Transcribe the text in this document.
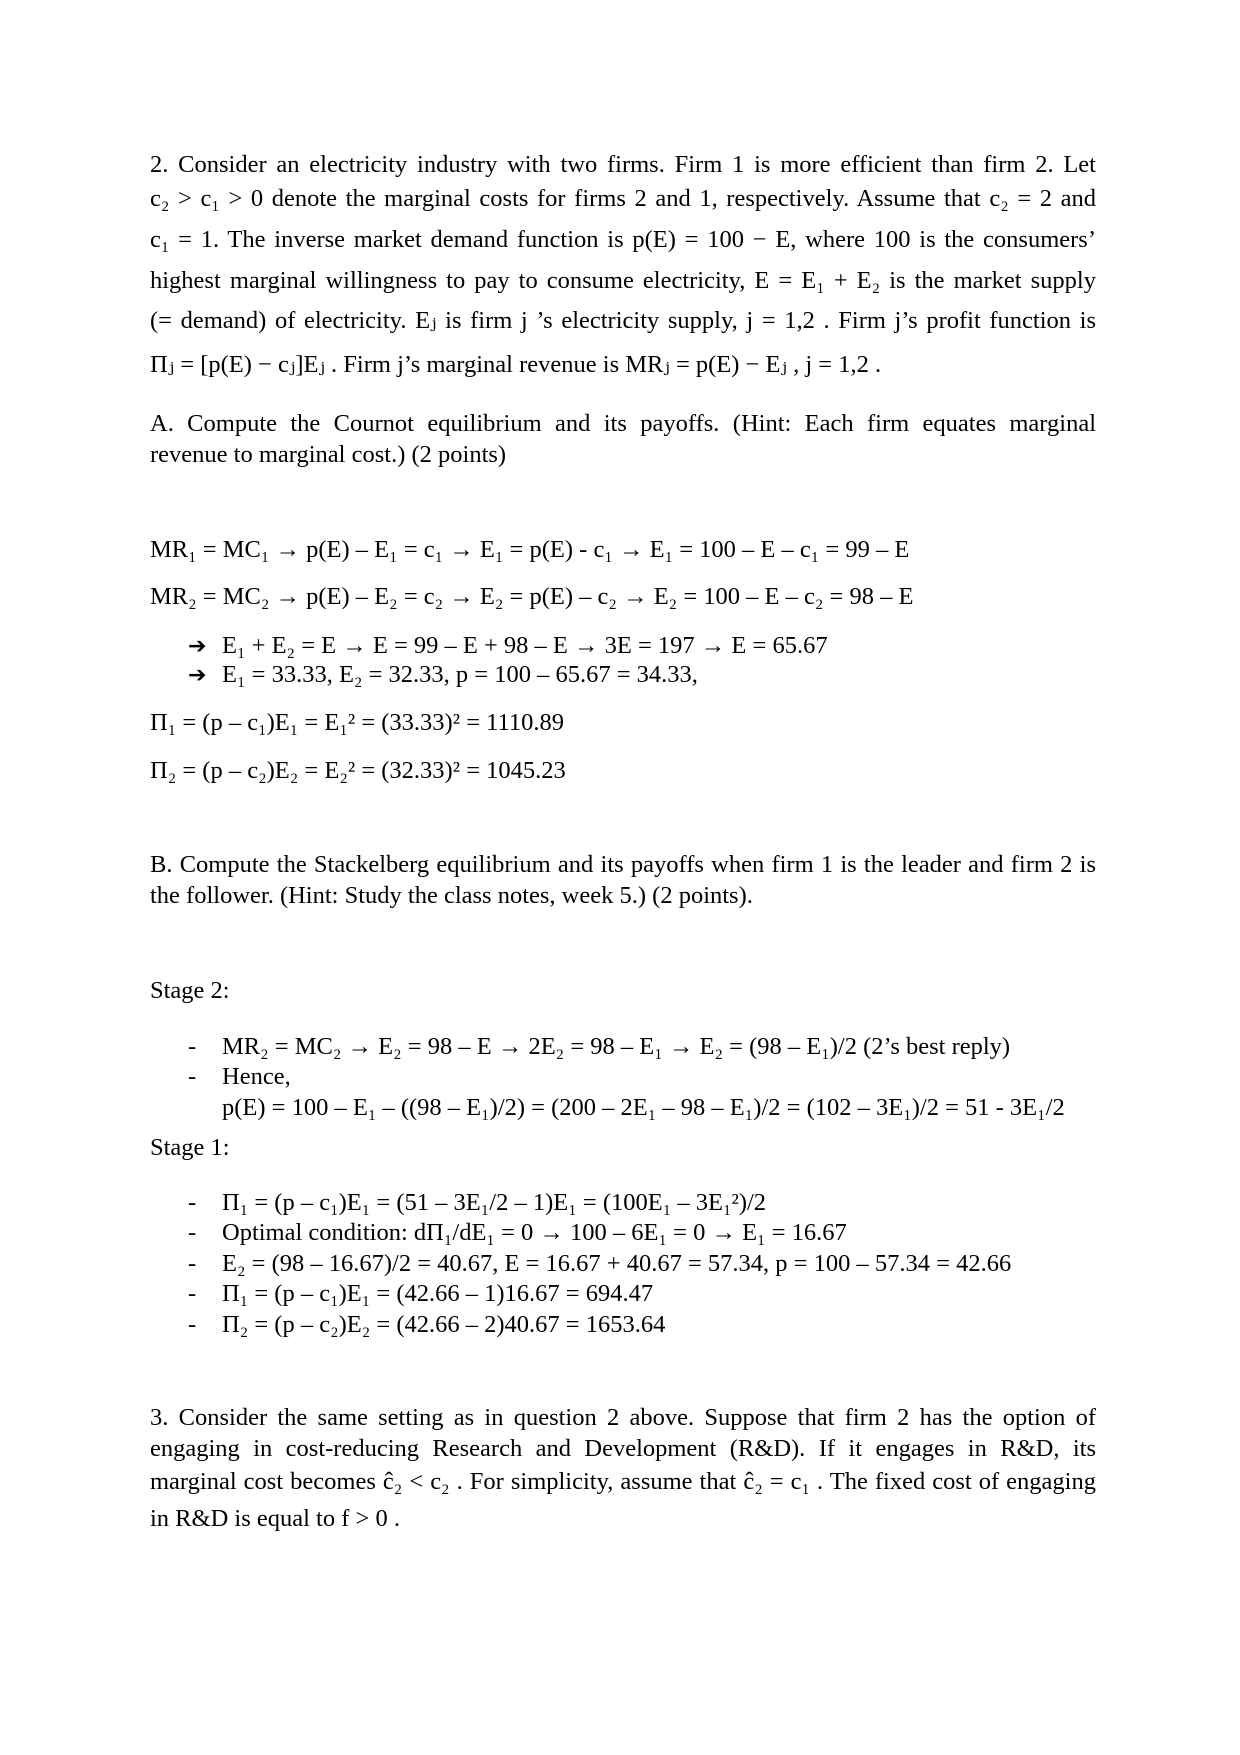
2. Consider an electricity industry with two firms. Firm 1 is more efficient than firm 2. Let
c₂ > c₁ > 0 denote the marginal costs for firms 2 and 1, respectively. Assume that c₂ = 2 and
c₁ = 1. The inverse market demand function is p(E) = 100 − E, where 100 is the consumers’
highest marginal willingness to pay to consume electricity, E = E₁ + E₂ is the market supply
(= demand) of electricity. Eⱼ is firm j ’s electricity supply, j = 1,2 . Firm j’s profit function is
Πⱼ = [p(E) − cⱼ]Eⱼ . Firm j’s marginal revenue is MRⱼ = p(E) − Eⱼ , j = 1,2 .
A. Compute the Cournot equilibrium and its payoffs. (Hint: Each firm equates marginal
revenue to marginal cost.) (2 points)
MR₁ = MC₁ → p(E) – E₁ = c₁ → E₁ = p(E) - c₁ → E₁ = 100 – E – c₁ = 99 – E
MR₂ = MC₂ → p(E) – E₂ = c₂ → E₂ = p(E) – c₂ → E₂ = 100 – E – c₂ = 98 – E
➔ E₁ + E₂ = E → E = 99 – E + 98 – E → 3E = 197 → E = 65.67
➔ E₁ = 33.33, E₂ = 32.33, p = 100 – 65.67 = 34.33,
Π₁ = (p – c₁)E₁ = E₁² = (33.33)² = 1110.89
Π₂ = (p – c₂)E₂ = E₂² = (32.33)² = 1045.23
B. Compute the Stackelberg equilibrium and its payoffs when firm 1 is the leader and firm 2 is
the follower. (Hint: Study the class notes, week 5.) (2 points).
Stage 2:
- MR₂ = MC₂ → E₂ = 98 – E → 2E₂ = 98 – E₁ → E₂ = (98 – E₁)/2 (2’s best reply)
- Hence,
p(E) = 100 – E₁ – ((98 – E₁)/2) = (200 – 2E₁ – 98 – E₁)/2 = (102 – 3E₁)/2 = 51 - 3E₁/2
Stage 1:
- Π₁ = (p – c₁)E₁ = (51 – 3E₁/2 – 1)E₁ = (100E₁ – 3E₁²)/2
- Optimal condition: dΠ₁/dE₁ = 0 → 100 – 6E₁ = 0 → E₁ = 16.67
- E₂ = (98 – 16.67)/2 = 40.67, E = 16.67 + 40.67 = 57.34, p = 100 – 57.34 = 42.66
- Π₁ = (p – c₁)E₁ = (42.66 – 1)16.67 = 694.47
- Π₂ = (p – c₂)E₂ = (42.66 – 2)40.67 = 1653.64
3. Consider the same setting as in question 2 above. Suppose that firm 2 has the option of
engaging in cost-reducing Research and Development (R&D). If it engages in R&D, its
marginal cost becomes ĉ₂ < c₂ . For simplicity, assume that ĉ₂ = c₁ . The fixed cost of engaging
in R&D is equal to f > 0 .
